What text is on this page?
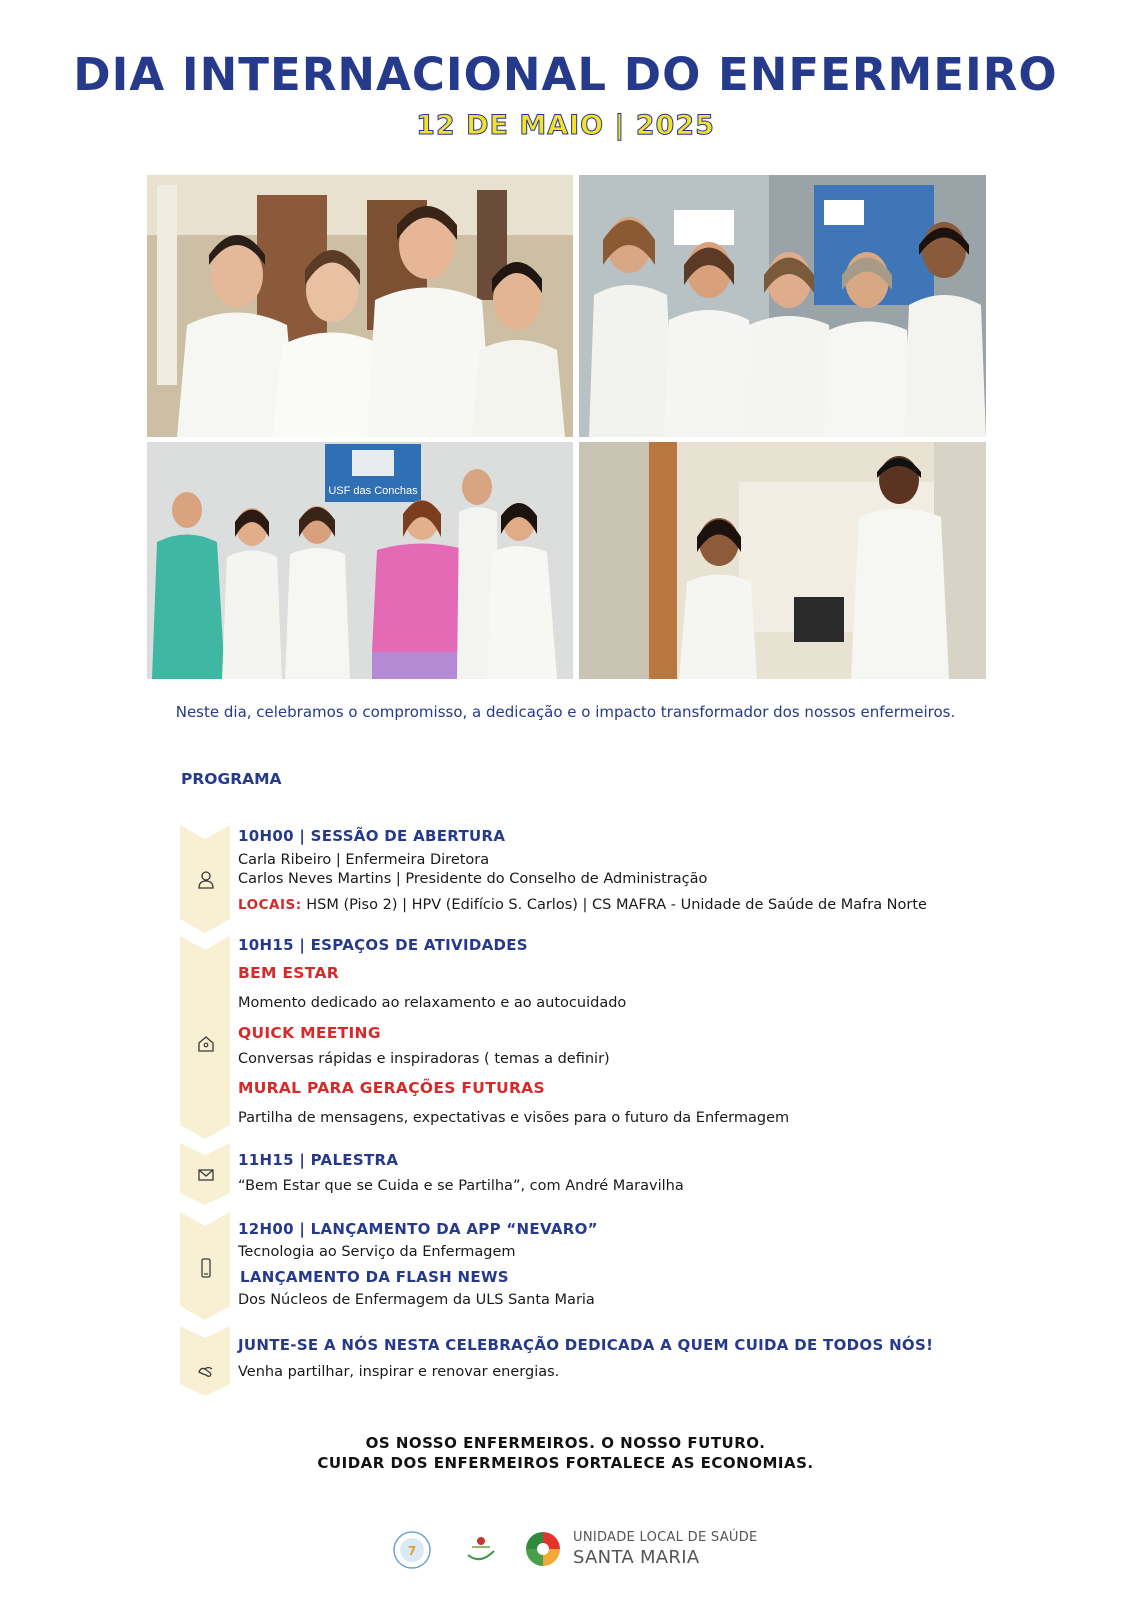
DIA INTERNACIONAL DO ENFERMEIRO
12 DE MAIO | 2025
USF das Conchas
Neste dia, celebramos o compromisso, a dedicação e o impacto transformador dos nossos enfermeiros.
PROGRAMA
10H00 | SESSÃO DE ABERTURA
Carla Ribeiro | Enfermeira Diretora
Carlos Neves Martins | Presidente do Conselho de Administração
LOCAIS: HSM (Piso 2) | HPV (Edifício S. Carlos) | CS MAFRA - Unidade de Saúde de Mafra Norte
10H15 | ESPAÇOS DE ATIVIDADES
BEM ESTAR
Momento dedicado ao relaxamento e ao autocuidado
QUICK MEETING
Conversas rápidas e inspiradoras ( temas a definir)
MURAL PARA GERAÇÕES FUTURAS
Partilha de mensagens, expectativas e visões para o futuro da Enfermagem
11H15 | PALESTRA
“Bem Estar que se Cuida e se Partilha”, com André Maravilha
12H00 | LANÇAMENTO DA APP “NEVARO”
Tecnologia ao Serviço da Enfermagem
LANÇAMENTO DA FLASH NEWS
Dos Núcleos de Enfermagem da ULS Santa Maria
JUNTE-SE A NÓS NESTA CELEBRAÇÃO DEDICADA A QUEM CUIDA DE TODOS NÓS!
Venha partilhar, inspirar e renovar energias.
OS NOSSO ENFERMEIROS. O NOSSO FUTURO.
CUIDAR DOS ENFERMEIROS FORTALECE AS ECONOMIAS.
7
UNIDADE LOCAL DE SAÚDE
SANTA MARIA
